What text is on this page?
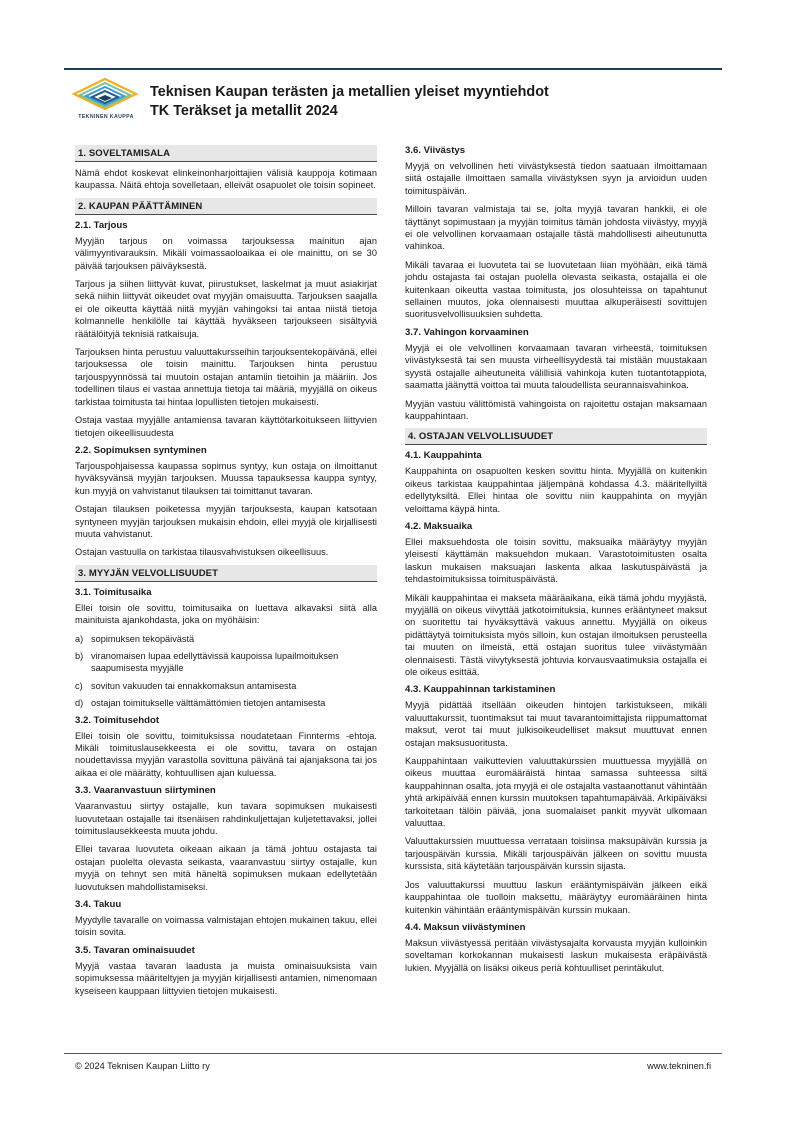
TEKNINEN KAUPPA
Teknisen Kaupan terästen ja metallien yleiset myyntiehdot
TK Teräkset ja metallit 2024
1. SOVELTAMISALA
Nämä ehdot koskevat elinkeinonharjoittajien välisiä kauppoja kotimaan kaupassa. Näitä ehtoja sovelletaan, elleivät osapuolet ole toisin sopineet.
2. KAUPAN PÄÄTTÄMINEN
2.1. Tarjous
Myyjän tarjous on voimassa tarjouksessa mainitun ajan välimyyntivarauksin. Mikäli voimassaoloaikaa ei ole mainittu, on se 30 päivää tarjouksen päiväyksestä.
Tarjous ja siihen liittyvät kuvat, piirustukset, laskelmat ja muut asiakirjat sekä niihin liittyvät oikeudet ovat myyjän omaisuutta. Tarjouksen saajalla ei ole oikeutta käyttää niitä myyjän vahingoksi tai antaa niistä tietoja kolmannelle henkilölle tai käyttää hyväkseen tarjoukseen sisältyviä räätälöityjä teknisiä ratkaisuja.
Tarjouksen hinta perustuu valuuttakursseihin tarjouksentekopäivänä, ellei tarjouksessa ole toisin mainittu. Tarjouksen hinta perustuu tarjouspyynnössä tai muutoin ostajan antamiin tietoihin ja määriin. Jos todellinen tilaus ei vastaa annettuja tietoja tai määriä, myyjällä on oikeus tarkistaa toimitusta tai hintaa lopullisten tietojen mukaisesti.
Ostaja vastaa myyjälle antamiensa tavaran käyttötarkoitukseen liittyvien tietojen oikeellisuudesta
2.2. Sopimuksen syntyminen
Tarjouspohjaisessa kaupassa sopimus syntyy, kun ostaja on ilmoittanut hyväksyvänsä myyjän tarjouksen. Muussa tapauksessa kauppa syntyy, kun myyjä on vahvistanut tilauksen tai toimittanut tavaran.
Ostajan tilauksen poiketessa myyjän tarjouksesta, kaupan katsotaan syntyneen myyjän tarjouksen mukaisin ehdoin, ellei myyjä ole kirjallisesti muuta vahvistanut.
Ostajan vastuulla on tarkistaa tilausvahvistuksen oikeellisuus.
3. MYYJÄN VELVOLLISUUDET
3.1. Toimitusaika
Ellei toisin ole sovittu, toimitusaika on luettava alkavaksi siitä alla mainituista ajankohdasta, joka on myöhäisin:
a) sopimuksen tekopäivästä
b) viranomaisen lupaa edellyttävissä kaupoissa lupailmoituksen saapumisesta myyjälle
c) sovitun vakuuden tai ennakkomaksun antamisesta
d) ostajan toimitukselle välttämättömien tietojen antamisesta
3.2. Toimitusehdot
Ellei toisin ole sovittu, toimituksissa noudatetaan Finnterms -ehtoja. Mikäli toimituslausekkeesta ei ole sovittu, tavara on ostajan noudettavissa myyjän varastolla sovittuna päivänä tai ajanjaksona tai jos aikaa ei ole määrätty, kohtuullisen ajan kuluessa.
3.3. Vaaranvastuun siirtyminen
Vaaranvastuu siirtyy ostajalle, kun tavara sopimuksen mukaisesti luovutetaan ostajalle tai itsenäisen rahdinkuljettajan kuljetettavaksi, jollei toimituslausekkeesta muuta johdu.
Ellei tavaraa luovuteta oikeaan aikaan ja tämä johtuu ostajasta tai ostajan puolelta olevasta seikasta, vaaranvastuu siirtyy ostajalle, kun myyjä on tehnyt sen mitä häneltä sopimuksen mukaan edellytetään luovutuksen mahdollistamiseksi.
3.4. Takuu
Myydylle tavaralle on voimassa valmistajan ehtojen mukainen takuu, ellei toisin sovita.
3.5. Tavaran ominaisuudet
Myyjä vastaa tavaran laadusta ja muista ominaisuuksista vain sopimuksessa määriteltyjen ja myyjän kirjallisesti antamien, nimenomaan kyseiseen kauppaan liittyvien tietojen mukaisesti.
3.6. Viivästys
Myyjä on velvollinen heti viivästyksestä tiedon saatuaan ilmoittamaan siitä ostajalle ilmoittaen samalla viivästyksen syyn ja arvioidun uuden toimituspäivän.
Milloin tavaran valmistaja tai se, jolta myyjä tavaran hankkii, ei ole täyttänyt sopimustaan ja myyjän toimitus tämän johdosta viivästyy, myyjä ei ole velvollinen korvaamaan ostajalle tästä mahdollisesti aiheutunutta vahinkoa.
Mikäli tavaraa ei luovuteta tai se luovutetaan liian myöhään, eikä tämä johdu ostajasta tai ostajan puolella olevasta seikasta, ostajalla ei ole kuitenkaan oikeutta vastaa toimitusta, jos olosuhteissa on tapahtunut sellainen muutos, joka olennaisesti muuttaa alkuperäisesti sovittujen suoritusvelvollisuuksien suhdetta.
3.7. Vahingon korvaaminen
Myyjä ei ole velvollinen korvaamaan tavaran virheestä, toimituksen viivästyksestä tai sen muusta virheellisyydestä tai mistään muustakaan syystä ostajalle aiheutuneita välillisiä vahinkoja kuten tuotantotappiota, saamatta jäänyttä voittoa tai muuta taloudellista seurannaisvahinkoa.
Myyjän vastuu välittömistä vahingoista on rajoitettu ostajan maksamaan kauppahintaan.
4. OSTAJAN VELVOLLISUUDET
4.1. Kauppahinta
Kauppahinta on osapuolten kesken sovittu hinta. Myyjällä on kuitenkin oikeus tarkistaa kauppahintaa jäljempänä kohdassa 4.3. määritellyiltä edellytyksiltä. Ellei hintaa ole sovittu niin kauppahinta on myyjän veloittama käypä hinta.
4.2. Maksuaika
Ellei maksuehdosta ole toisin sovittu, maksuaika määräytyy myyjän yleisesti käyttämän maksuehdon mukaan. Varastotoimitusten osalta laskun mukaisen maksuajan laskenta alkaa laskutuspäivästä ja tehdastoimituksissa toimituspäivästä.
Mikäli kauppahintaa ei makseta määräaikana, eikä tämä johdu myyjästä, myyjällä on oikeus viivyttää jatkotoimituksia, kunnes erääntyneet maksut on suoritettu tai hyväksyttävä vakuus annettu. Myyjällä on oikeus pidättäytyä toimituksista myös silloin, kun ostajan ilmoituksen perusteella tai muuten on ilmeistä, että ostajan suoritus tulee viivästymään olennaisesti. Tästä viivytyksestä johtuvia korvausvaatimuksia ostajalla ei ole oikeus esittää.
4.3. Kauppahinnan tarkistaminen
Myyjä pidättää itsellään oikeuden hintojen tarkistukseen, mikäli valuuttakurssit, tuontimaksut tai muut tavarantoimittajista riippumattomat maksut, verot tai muut julkisoikeudelliset maksut muuttuvat ennen ostajan maksusuoritusta.
Kauppahintaan vaikuttevien valuuttakurssien muuttuessa myyjällä on oikeus muuttaa euromääräistä hintaa samassa suhteessa siltä kauppahinnan osalta, jota myyjä ei ole ostajalta vastaanottanut vähintään yhtä arkipäivää ennen kurssin muutoksen tapahtumapäivää. Arkipäiväksi tarkoitetaan tälöin päivää, jona suomalaiset pankit myyvät ulkomaan valuuttaa.
Valuuttakurssien muuttuessa verrataan toisiinsa maksupäivän kurssia ja tarjouspäivän kurssia. Mikäli tarjouspäivän jälkeen on sovittu muusta kurssista, sitä käytetään tarjouspäivän kurssin sijasta.
Jos valuuttakurssi muuttuu laskun erääntymispäivän jälkeen eikä kauppahintaa ole tuolloin maksettu, määräytyy euromääräinen hinta kuitenkin vähintään erääntymispäivän kurssin mukaan.
4.4. Maksun viivästyminen
Maksun viivästyessä peritään viivästysajalta korvausta myyjän kulloinkin soveltaman korkokannan mukaisesti laskun mukaisesta eräpäivästä lukien. Myyjällä on lisäksi oikeus periä kohtuulliset perintäkulut.
© 2024 Teknisen Kaupan Liitto ry	www.tekninen.fi
